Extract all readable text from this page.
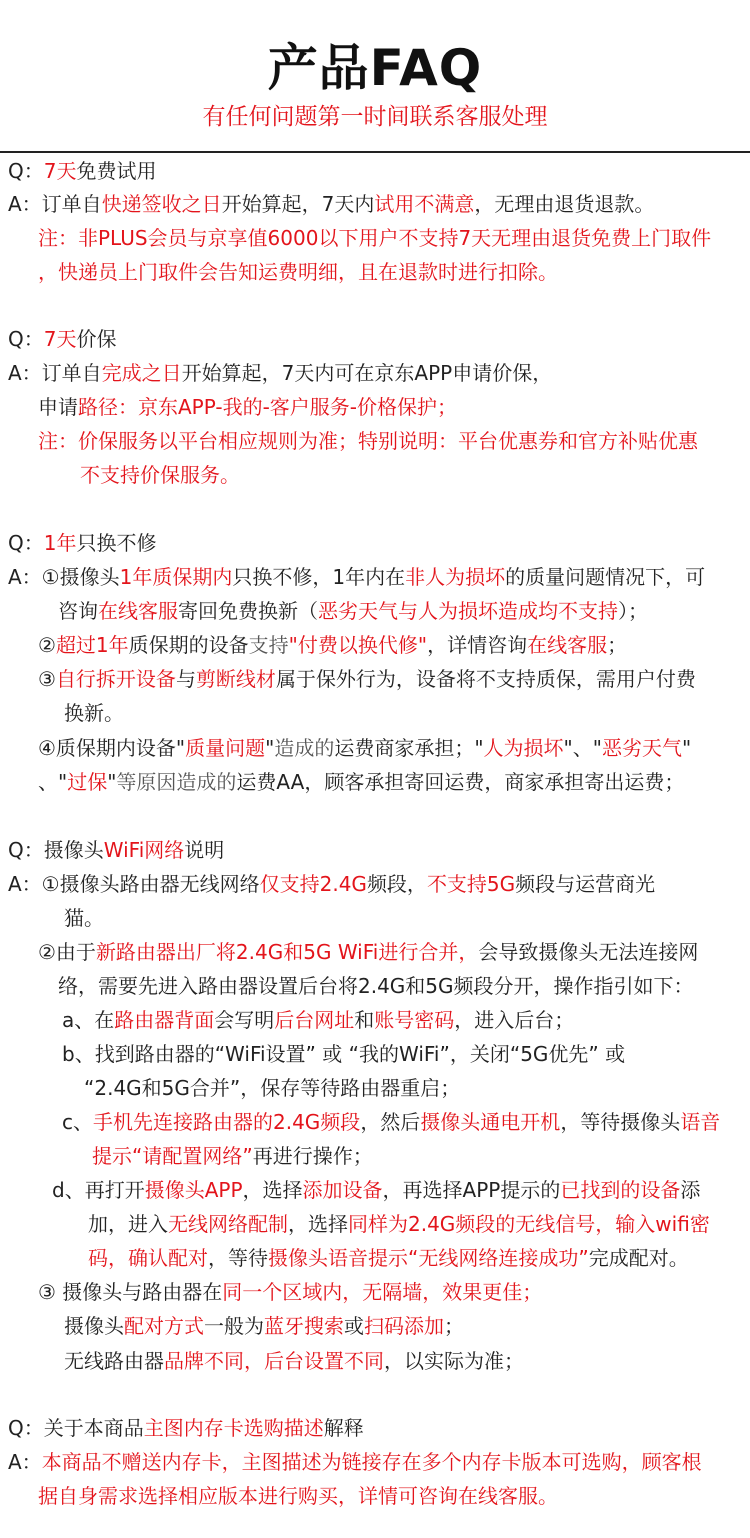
产品FAQ
有任何问题第一时间联系客服处理
Q：7天免费试用
A：订单自快递签收之日开始算起，7天内试用不满意，无理由退货退款。
注：非PLUS会员与京享值6000以下用户不支持7天无理由退货免费上门取件
，快递员上门取件会告知运费明细，且在退款时进行扣除。
Q：7天价保
A：订单自完成之日开始算起，7天内可在京东APP申请价保，
申请路径：京东APP-我的-客户服务-价格保护；
注：价保服务以平台相应规则为准；特别说明：平台优惠券和官方补贴优惠
不支持价保服务。
Q：1年只换不修
A：①摄像头1年质保期内只换不修，1年内在非人为损坏的质量问题情况下，可
咨询在线客服寄回免费换新（恶劣天气与人为损坏造成均不支持）；
②超过1年质保期的设备支持"付费以换代修"，详情咨询在线客服；
③自行拆开设备与剪断线材属于保外行为，设备将不支持质保，需用户付费
换新。
④质保期内设备"质量问题"造成的运费商家承担；"人为损坏"、"恶劣天气"
、"过保"等原因造成的运费AA，顾客承担寄回运费，商家承担寄出运费；
Q：摄像头WiFi网络说明
A：①摄像头路由器无线网络仅支持2.4G频段，不支持5G频段与运营商光
猫。
②由于新路由器出厂将2.4G和5G WiFi进行合并，会导致摄像头无法连接网
络，需要先进入路由器设置后台将2.4G和5G频段分开，操作指引如下：
a、在路由器背面会写明后台网址和账号密码，进入后台；
b、找到路由器的“WiFi设置” 或 “我的WiFi”，关闭“5G优先” 或
“2.4G和5G合并”，保存等待路由器重启；
c、手机先连接路由器的2.4G频段，然后摄像头通电开机，等待摄像头语音
提示“请配置网络”再进行操作；
d、再打开摄像头APP，选择添加设备，再选择APP提示的已找到的设备添
加，进入无线网络配制，选择同样为2.4G频段的无线信号，输入wifi密
码，确认配对，等待摄像头语音提示“无线网络连接成功”完成配对。
③ 摄像头与路由器在同一个区域内，无隔墙，效果更佳；
摄像头配对方式一般为蓝牙搜索或扫码添加；
无线路由器品牌不同，后台设置不同，以实际为准；
Q：关于本商品主图内存卡选购描述解释
A：本商品不赠送内存卡，主图描述为链接存在多个内存卡版本可选购，顾客根
据自身需求选择相应版本进行购买，详情可咨询在线客服。
